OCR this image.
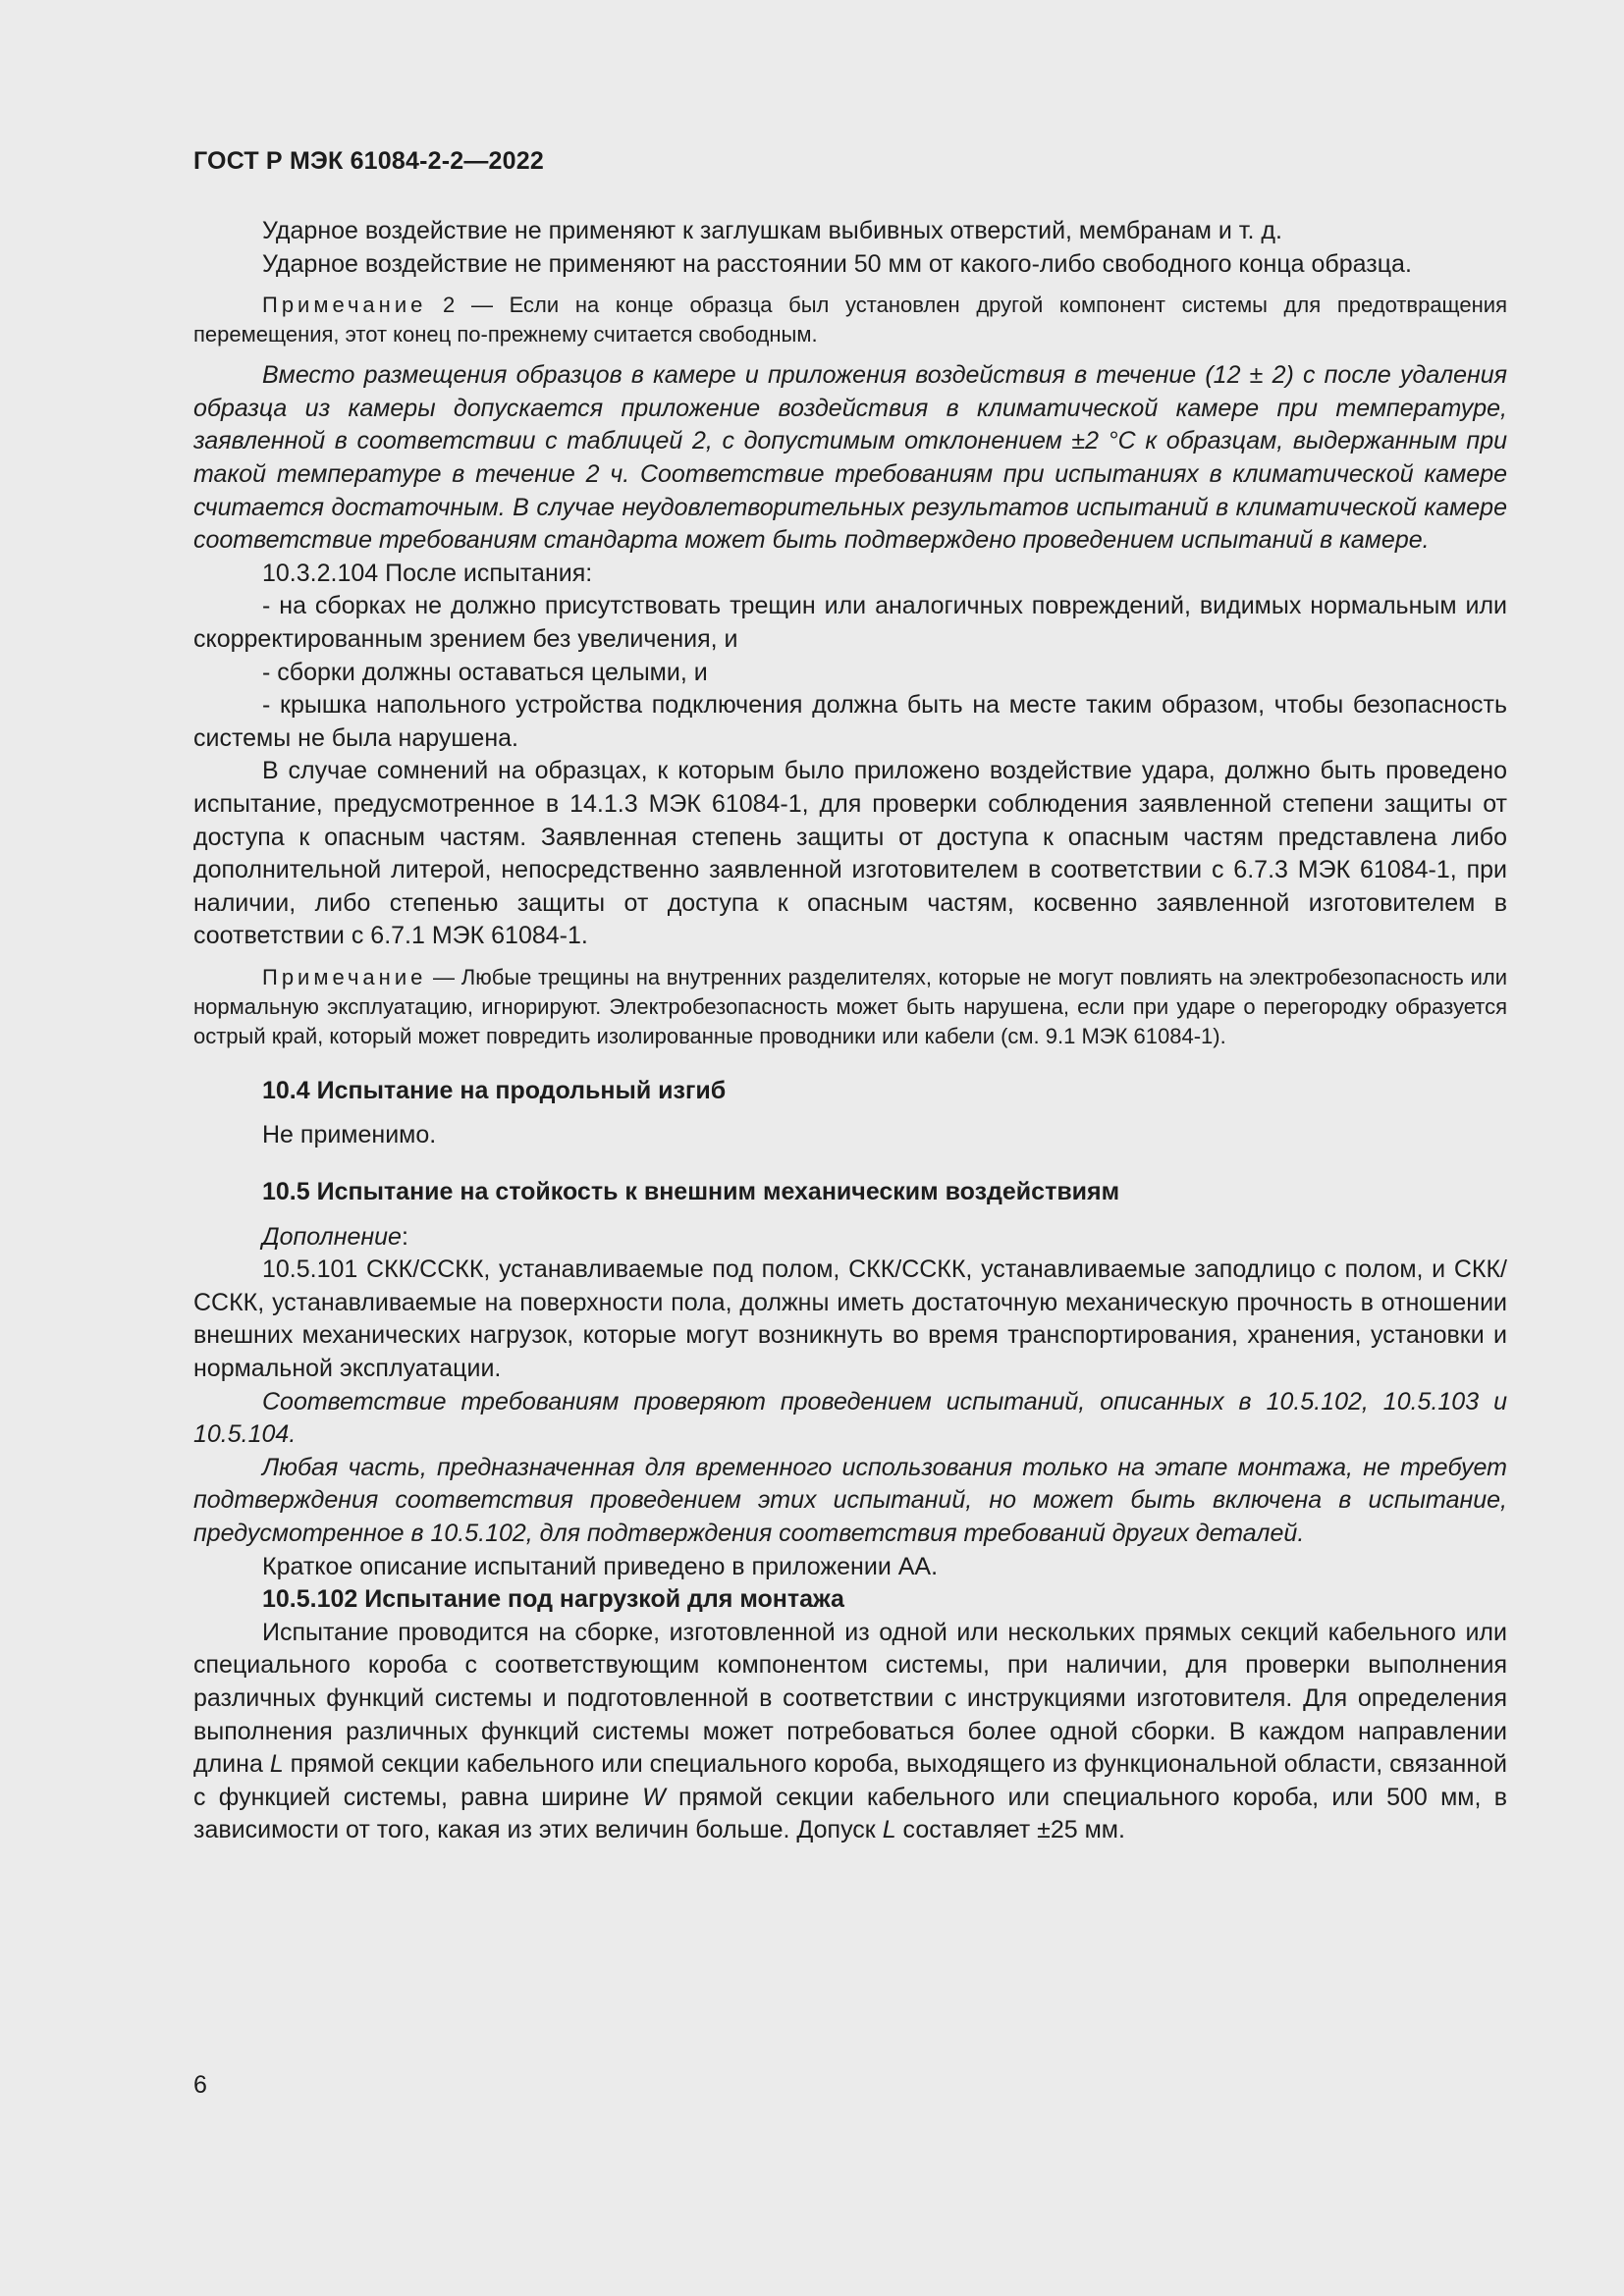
ГОСТ Р МЭК 61084-2-2—2022

Ударное воздействие не применяют к заглушкам выбивных отверстий, мембранам и т. д.

Ударное воздействие не применяют на расстоянии 50 мм от какого-либо свободного конца образца.

Примечание 2 — Если на конце образца был установлен другой компонент системы для предотвращения перемещения, этот конец по-прежнему считается свободным.

Вместо размещения образцов в камере и приложения воздействия в течение (12 ± 2) с после удаления образца из камеры допускается приложение воздействия в климатической камере при температуре, заявленной в соответствии с таблицей 2, с допустимым отклонением ±2 °С к образцам, выдержанным при такой температуре в течение 2 ч. Соответствие требованиям при испытаниях в климатической камере считается достаточным. В случае неудовлетворительных результатов испытаний в климатической камере соответствие требованиям стандарта может быть подтверждено проведением испытаний в камере.

10.3.2.104 После испытания:

- на сборках не должно присутствовать трещин или аналогичных повреждений, видимых нормальным или скорректированным зрением без увеличения, и

- сборки должны оставаться целыми, и

- крышка напольного устройства подключения должна быть на месте таким образом, чтобы безопасность системы не была нарушена.

В случае сомнений на образцах, к которым было приложено воздействие удара, должно быть проведено испытание, предусмотренное в 14.1.3 МЭК 61084-1, для проверки соблюдения заявленной степени защиты от доступа к опасным частям. Заявленная степень защиты от доступа к опасным частям представлена либо дополнительной литерой, непосредственно заявленной изготовителем в соответствии с 6.7.3 МЭК 61084-1, при наличии, либо степенью защиты от доступа к опасным частям, косвенно заявленной изготовителем в соответствии с 6.7.1 МЭК 61084-1.

Примечание — Любые трещины на внутренних разделителях, которые не могут повлиять на электробезопасность или нормальную эксплуатацию, игнорируют. Электробезопасность может быть нарушена, если при ударе о перегородку образуется острый край, который может повредить изолированные проводники или кабели (см. 9.1 МЭК 61084-1).

10.4 Испытание на продольный изгиб

Не применимо.

10.5 Испытание на стойкость к внешним механическим воздействиям

Дополнение:

10.5.101 СКК/ССКК, устанавливаемые под полом, СКК/ССКК, устанавливаемые заподлицо с полом, и СКК/ССКК, устанавливаемые на поверхности пола, должны иметь достаточную механическую прочность в отношении внешних механических нагрузок, которые могут возникнуть во время транспортирования, хранения, установки и нормальной эксплуатации.

Соответствие требованиям проверяют проведением испытаний, описанных в 10.5.102, 10.5.103 и 10.5.104.

Любая часть, предназначенная для временного использования только на этапе монтажа, не требует подтверждения соответствия проведением этих испытаний, но может быть включена в испытание, предусмотренное в 10.5.102, для подтверждения соответствия требований других деталей.

Краткое описание испытаний приведено в приложении АА.

10.5.102 Испытание под нагрузкой для монтажа

Испытание проводится на сборке, изготовленной из одной или нескольких прямых секций кабельного или специального короба с соответствующим компонентом системы, при наличии, для проверки выполнения различных функций системы и подготовленной в соответствии с инструкциями изготовителя. Для определения выполнения различных функций системы может потребоваться более одной сборки. В каждом направлении длина L прямой секции кабельного или специального короба, выходящего из функциональной области, связанной с функцией системы, равна ширине W прямой секции кабельного или специального короба, или 500 мм, в зависимости от того, какая из этих величин больше. Допуск L составляет ±25 мм.

6
